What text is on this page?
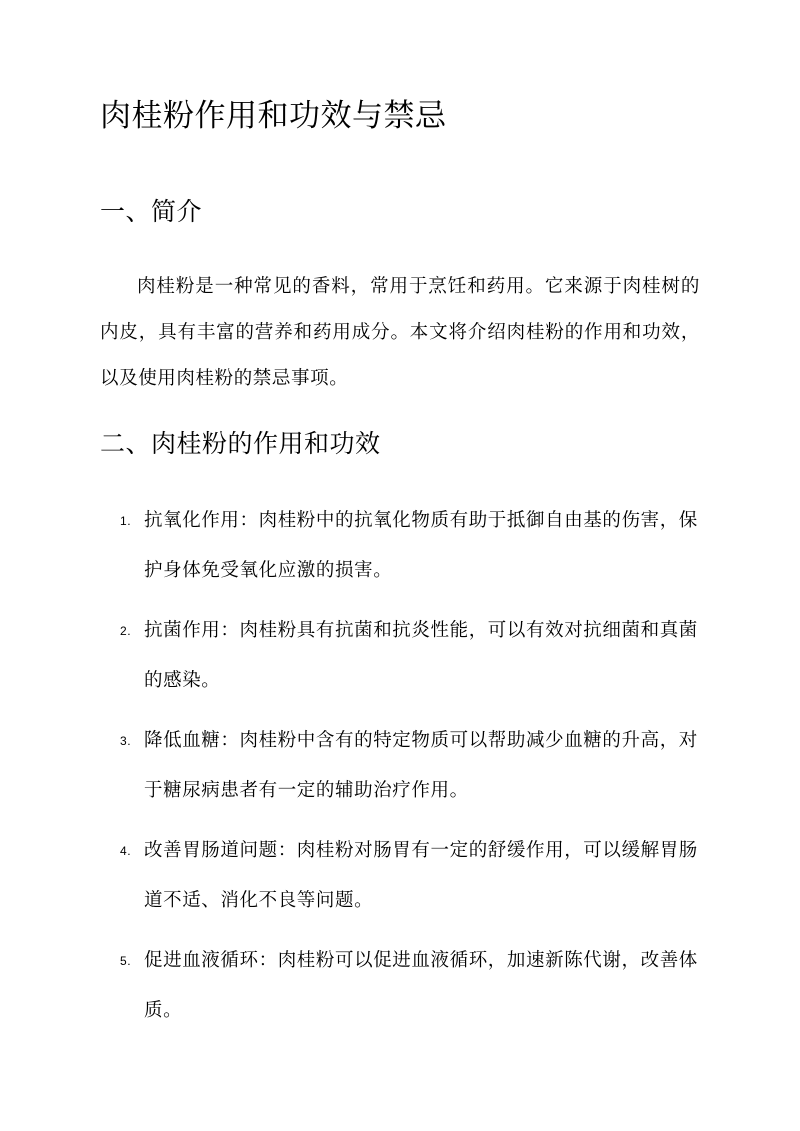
肉桂粉作用和功效与禁忌
一、简介

肉桂粉是一种常见的香料，常用于烹饪和药用。它来源于肉桂树的内皮，具有丰富的营养和药用成分。本文将介绍肉桂粉的作用和功效，以及使用肉桂粉的禁忌事项。

二、肉桂粉的作用和功效
1. 抗氧化作用：肉桂粉中的抗氧化物质有助于抵御自由基的伤害，保护身体免受氧化应激的损害。
2. 抗菌作用：肉桂粉具有抗菌和抗炎性能，可以有效对抗细菌和真菌的感染。
3. 降低血糖：肉桂粉中含有的特定物质可以帮助减少血糖的升高，对于糖尿病患者有一定的辅助治疗作用。
4. 改善胃肠道问题：肉桂粉对肠胃有一定的舒缓作用，可以缓解胃肠道不适、消化不良等问题。
5. 促进血液循环：肉桂粉可以促进血液循环，加速新陈代谢，改善体质。
